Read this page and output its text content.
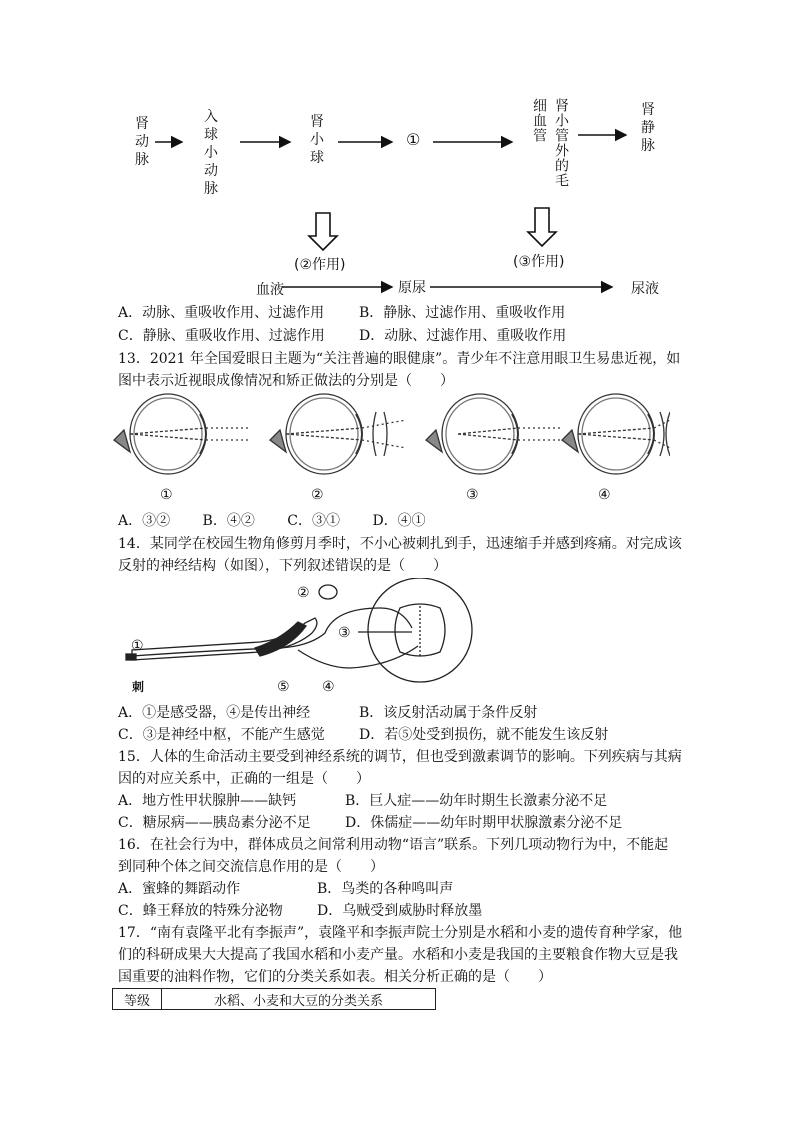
肾
动
脉
入
球
小
动
脉
肾
小
球
①	肾小管外的毛细血管	肾
静
脉
(②作用)	(③作用)
血液	原尿	尿液
A．动脉、重吸收作用、过滤作用 B．静脉、过滤作用、重吸收作用
C．静脉、重吸收作用、过滤作用 D．动脉、过滤作用、重吸收作用
13．2021 年全国爱眼日主题为“关注普遍的眼健康”。青少年不注意用眼卫生易患近视，如
图中表示近视眼成像情况和矫正做法的分别是（　　）
①	②	③	④
A．③②　　 B．④②　　 C．③①　　 D．④①
14．某同学在校园生物角修剪月季时，不小心被刺扎到手，迅速缩手并感到疼痛。对完成该
反射的神经结构（如图），下列叙述错误的是（　　）
①
②
③
④
⑤
刺
A．①是感受器，④是传出神经	B．该反射活动属于条件反射
C．③是神经中枢，不能产生感觉 D．若⑤处受到损伤，就不能发生该反射
15．人体的生命活动主要受到神经系统的调节，但也受到激素调节的影响。下列疾病与其病
因的对应关系中，正确的一组是（　　）
A．地方性甲状腺肿——缺钙	B．巨人症——幼年时期生长激素分泌不足
C．糖尿病——胰岛素分泌不足 D．侏儒症——幼年时期甲状腺激素分泌不足
16．在社会行为中，群体成员之间常利用动物“语言”联系。下列几项动物行为中，不能起
到同种个体之间交流信息作用的是（　　）
A．蜜蜂的舞蹈动作	B．鸟类的各种鸣叫声
C．蜂王释放的特殊分泌物 D．乌贼受到威胁时释放墨
17．“南有袁隆平北有李振声”，袁隆平和李振声院士分别是水稻和小麦的遗传育种学家，他
们的科研成果大大提高了我国水稻和小麦产量。水稻和小麦是我国的主要粮食作物大豆是我
国重要的油料作物，它们的分类关系如表。相关分析正确的是（　　）
等级	水稻、小麦和大豆的分类关系
